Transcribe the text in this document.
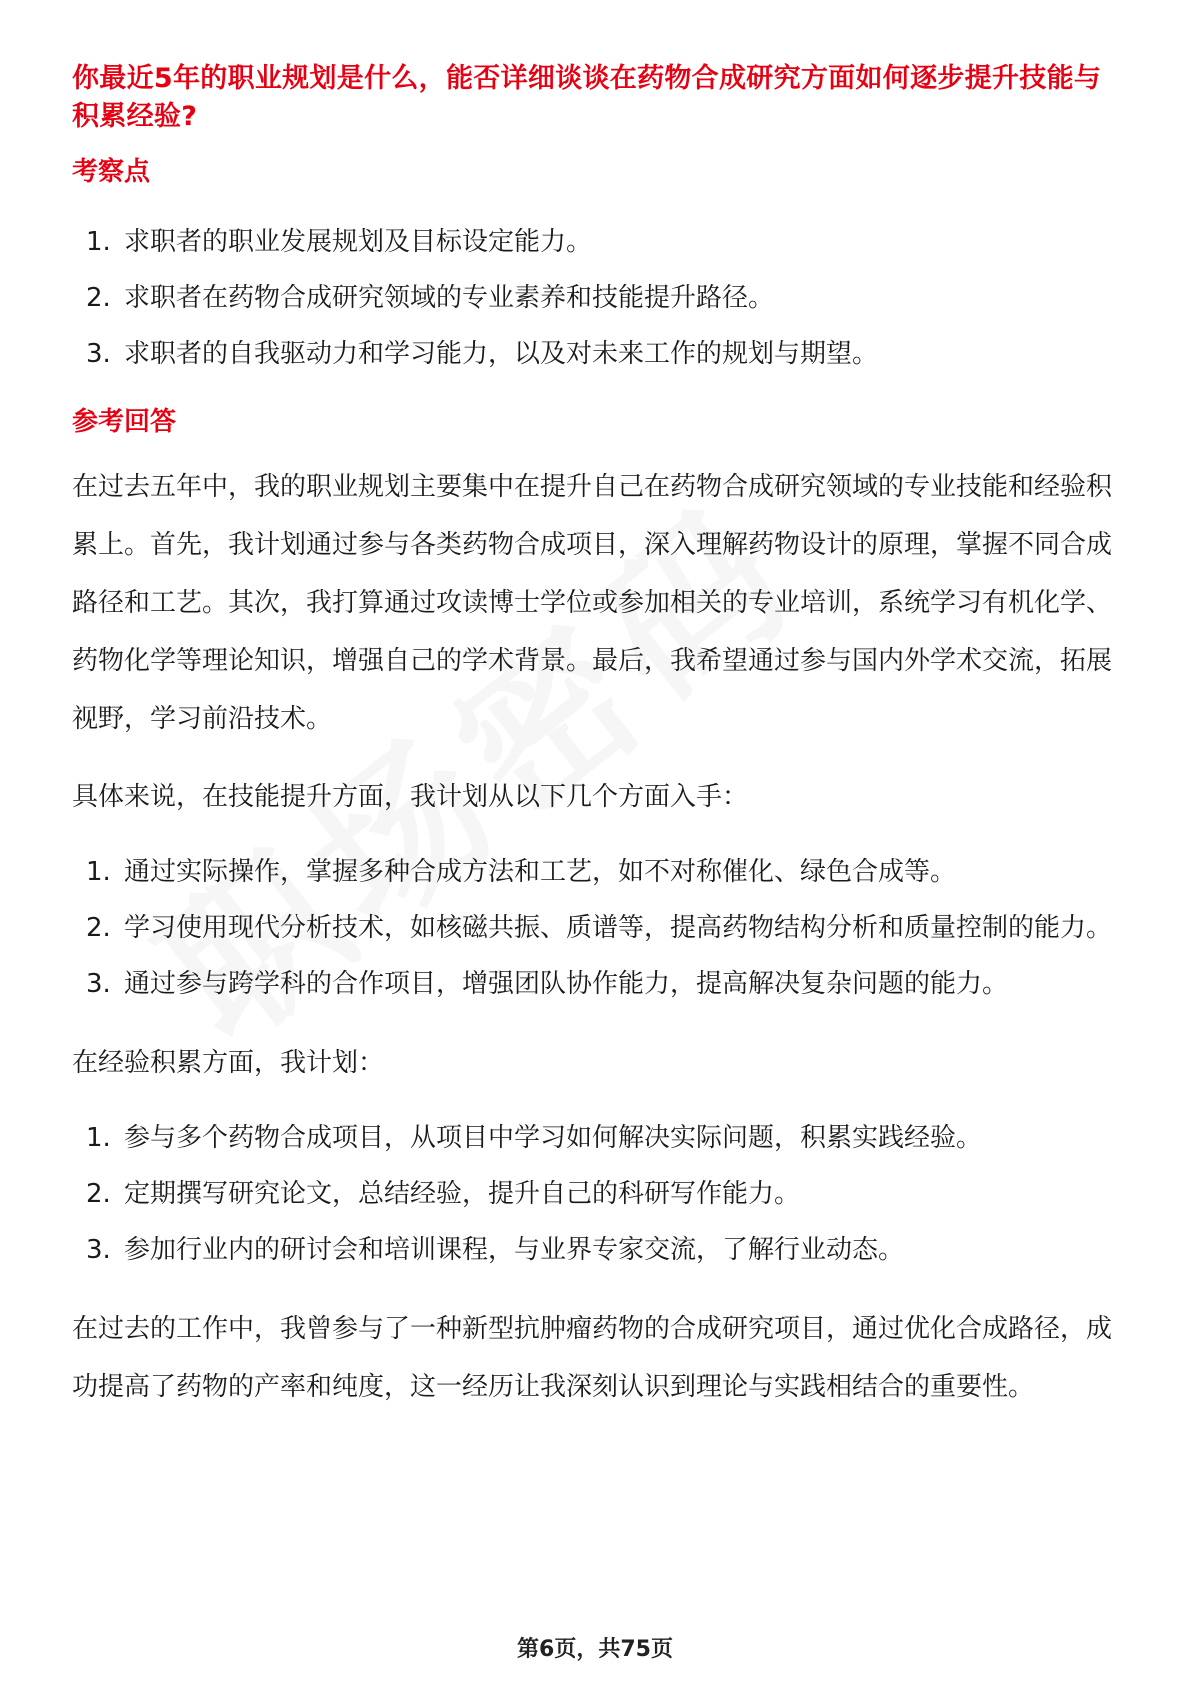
你最近5年的职业规划是什么，能否详细谈谈在药物合成研究方面如何逐步提升技能与积累经验?

考察点

1. 求职者的职业发展规划及目标设定能力。
2. 求职者在药物合成研究领域的专业素养和技能提升路径。
3. 求职者的自我驱动力和学习能力，以及对未来工作的规划与期望。

参考回答

在过去五年中，我的职业规划主要集中在提升自己在药物合成研究领域的专业技能和经验积累上。首先，我计划通过参与各类药物合成项目，深入理解药物设计的原理，掌握不同合成路径和工艺。其次，我打算通过攻读博士学位或参加相关的专业培训，系统学习有机化学、药物化学等理论知识，增强自己的学术背景。最后，我希望通过参与国内外学术交流，拓展视野，学习前沿技术。

具体来说，在技能提升方面，我计划从以下几个方面入手：

1. 通过实际操作，掌握多种合成方法和工艺，如不对称催化、绿色合成等。
2. 学习使用现代分析技术，如核磁共振、质谱等，提高药物结构分析和质量控制的能力。
3. 通过参与跨学科的合作项目，增强团队协作能力，提高解决复杂问题的能力。

在经验积累方面，我计划：

1. 参与多个药物合成项目，从项目中学习如何解决实际问题，积累实践经验。
2. 定期撰写研究论文，总结经验，提升自己的科研写作能力。
3. 参加行业内的研讨会和培训课程，与业界专家交流，了解行业动态。

在过去的工作中，我曾参与了一种新型抗肿瘤药物的合成研究项目，通过优化合成路径，成功提高了药物的产率和纯度，这一经历让我深刻认识到理论与实践相结合的重要性。

第6页，共75页
